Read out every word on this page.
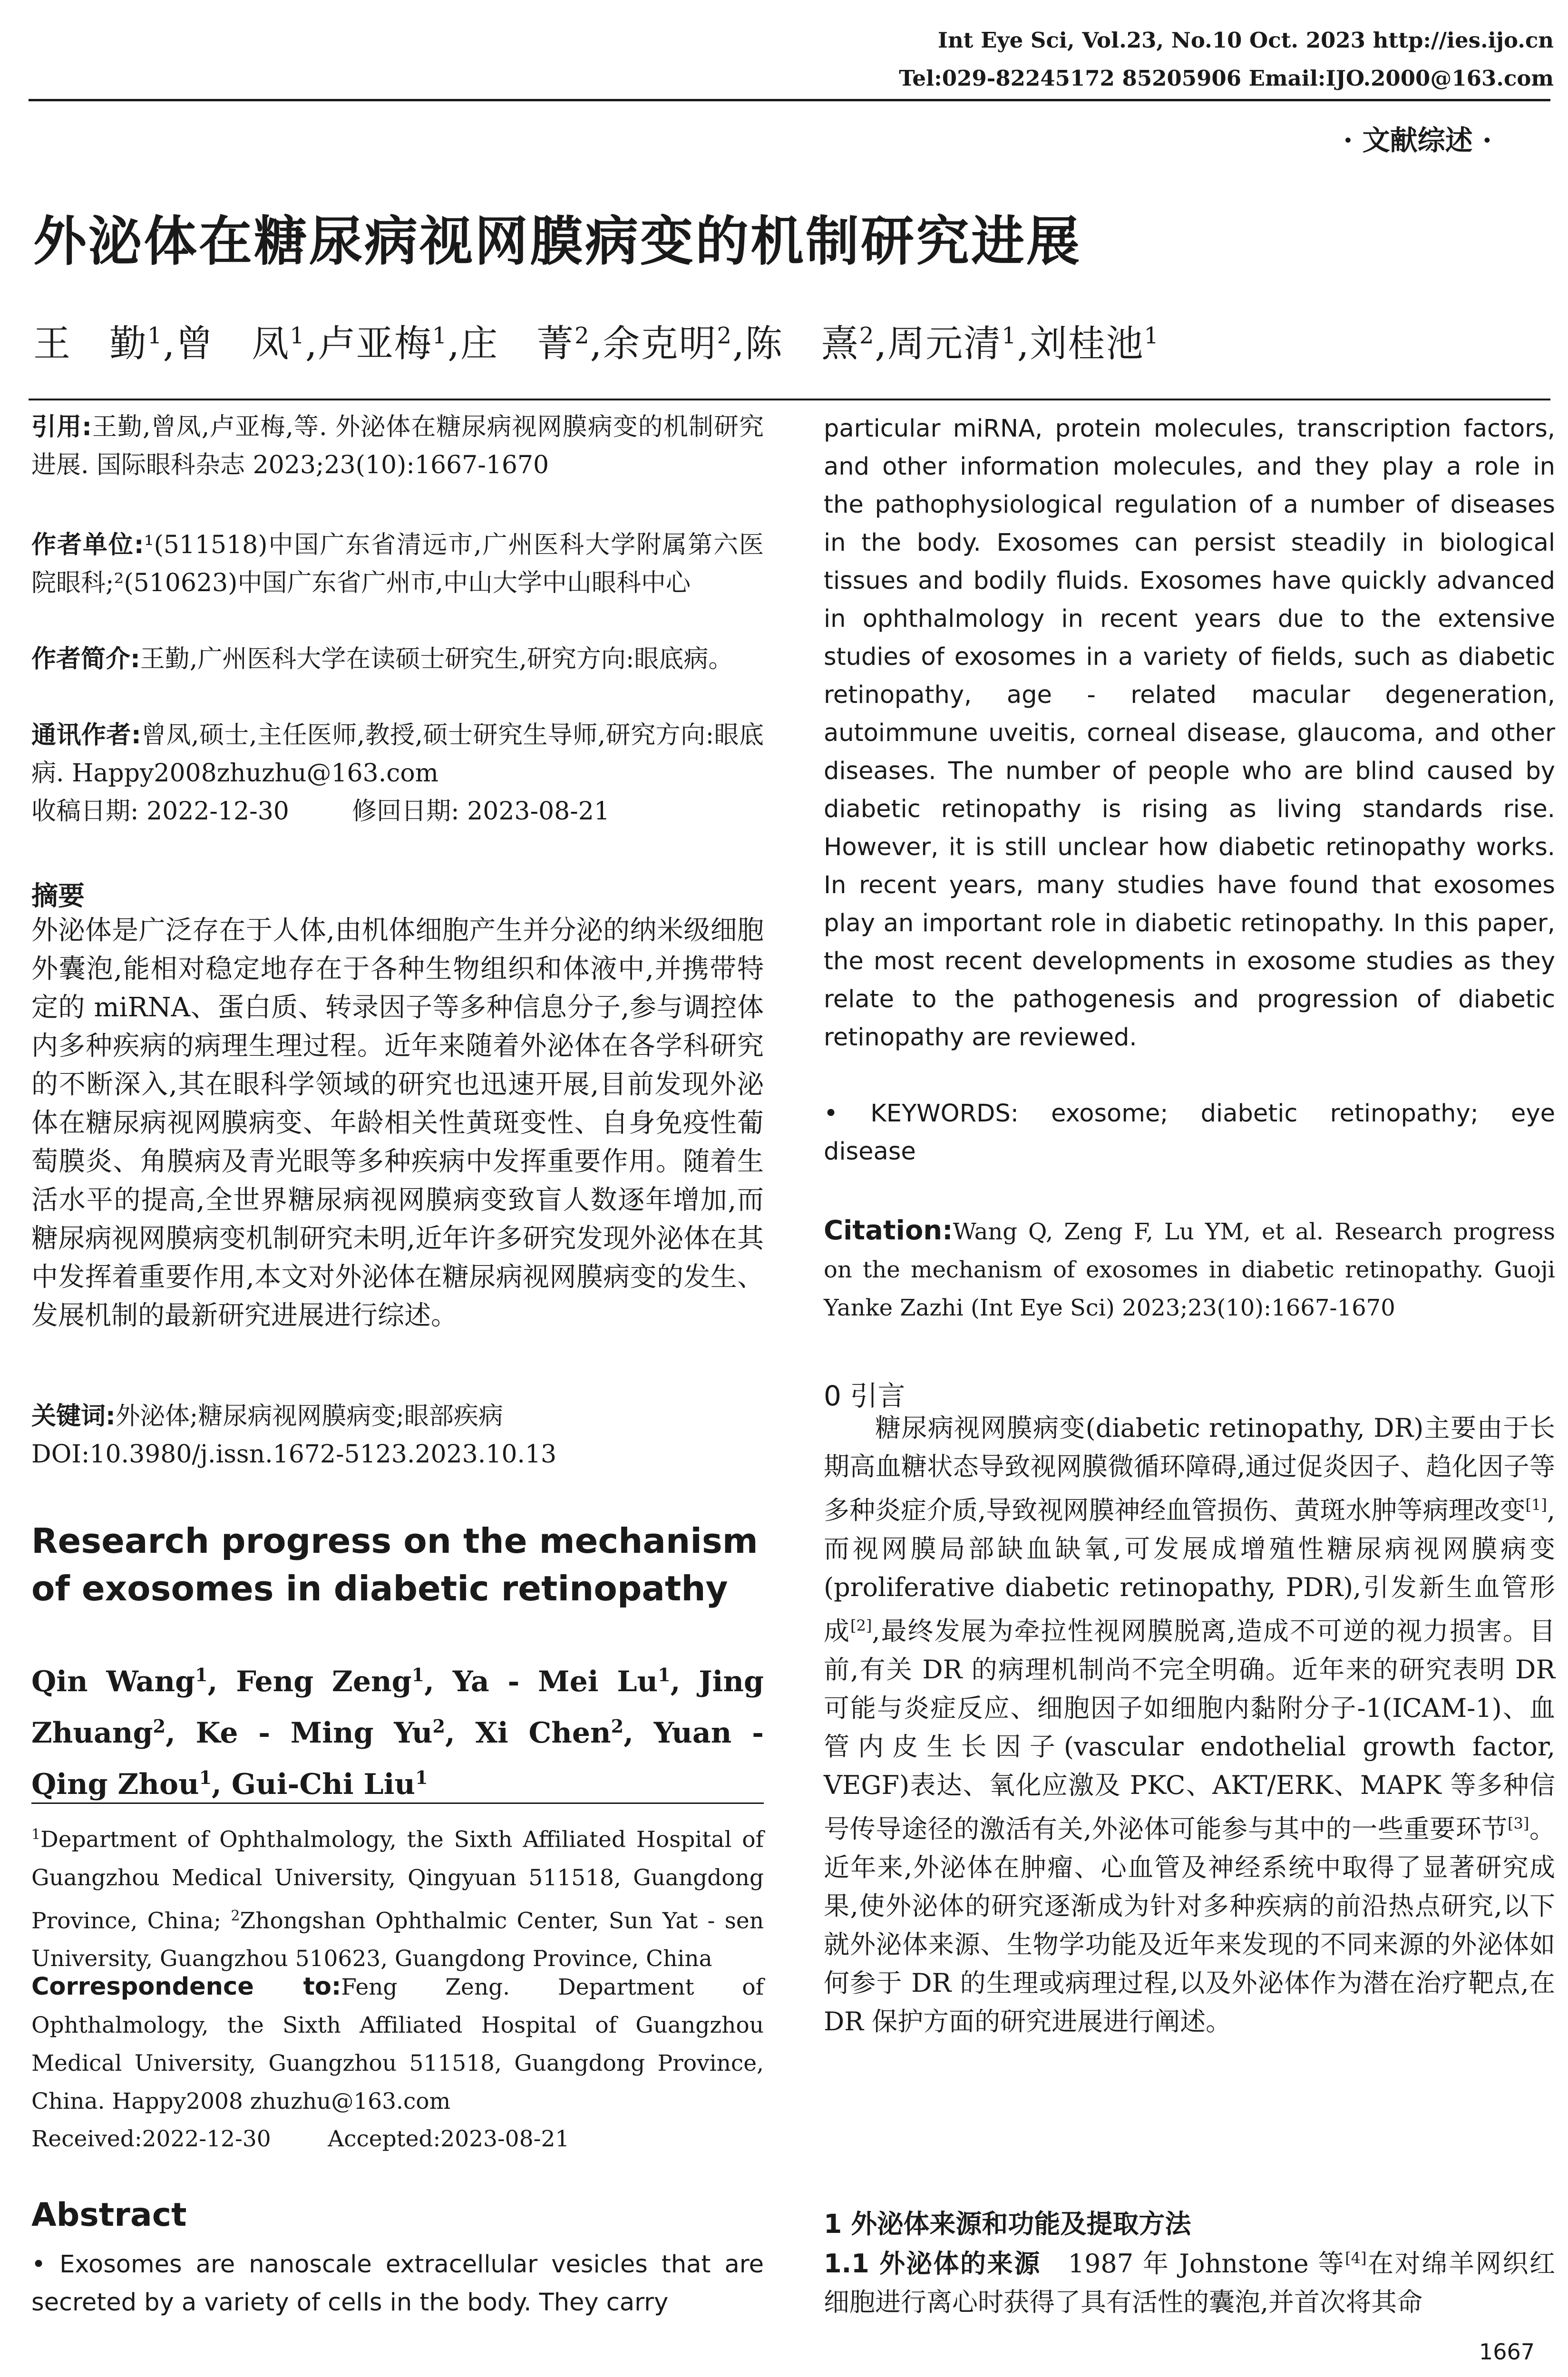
Int Eye Sci, Vol.23, No.10 Oct. 2023 http://ies.ijo.cn
Tel:029-82245172 85205906 Email:IJO.2000@163.com
· 文献综述 ·
外泌体在糖尿病视网膜病变的机制研究进展
王　勤$^1$,曾　凤$^1$,卢亚梅$^1$,庄　菁$^2$,余克明$^2$,陈　熹$^2$,周元清$^1$,刘桂池$^1$
引用:王勤,曾凤,卢亚梅,等. 外泌体在糖尿病视网膜病变的机制研究进展. 国际眼科杂志 2023;23(10):1667-1670
作者单位:¹(511518)中国广东省清远市,广州医科大学附属第六医院眼科;²(510623)中国广东省广州市,中山大学中山眼科中心
作者简介:王勤,广州医科大学在读硕士研究生,研究方向:眼底病。
通讯作者:曾凤,硕士,主任医师,教授,硕士研究生导师,研究方向:眼底病. Happy2008zhuzhu@163.com
收稿日期: 2022-12-30	修回日期: 2023-08-21
摘要
外泌体是广泛存在于人体,由机体细胞产生并分泌的纳米级细胞外囊泡,能相对稳定地存在于各种生物组织和体液中,并携带特定的 miRNA、蛋白质、转录因子等多种信息分子,参与调控体内多种疾病的病理生理过程。近年来随着外泌体在各学科研究的不断深入,其在眼科学领域的研究也迅速开展,目前发现外泌体在糖尿病视网膜病变、年龄相关性黄斑变性、自身免疫性葡萄膜炎、角膜病及青光眼等多种疾病中发挥重要作用。随着生活水平的提高,全世界糖尿病视网膜病变致盲人数逐年增加,而糖尿病视网膜病变机制研究未明,近年许多研究发现外泌体在其中发挥着重要作用,本文对外泌体在糖尿病视网膜病变的发生、发展机制的最新研究进展进行综述。
关键词:外泌体;糖尿病视网膜病变;眼部疾病
DOI:10.3980/j.issn.1672-5123.2023.10.13
Research progress on the mechanism of exosomes in diabetic retinopathy
Qin Wang$^1$, Feng Zeng$^1$, Ya - Mei Lu$^1$, Jing Zhuang$^2$, Ke - Ming Yu$^2$, Xi Chen$^2$, Yuan - Qing Zhou$^1$, Gui-Chi Liu$^1$
$^1$Department of Ophthalmology, the Sixth Affiliated Hospital of Guangzhou Medical University, Qingyuan 511518, Guangdong Province, China; $^2$Zhongshan Ophthalmic Center, Sun Yat - sen University, Guangzhou 510623, Guangdong Province, China
Correspondence to:Feng Zeng. Department of Ophthalmology, the Sixth Affiliated Hospital of Guangzhou Medical University, Guangzhou 511518, Guangdong Province, China. Happy2008 zhuzhu@163.com
Received:2022-12-30	Accepted:2023-08-21
Abstract
• Exosomes are nanoscale extracellular vesicles that are secreted by a variety of cells in the body. They carry
particular miRNA, protein molecules, transcription factors, and other information molecules, and they play a role in the pathophysiological regulation of a number of diseases in the body. Exosomes can persist steadily in biological tissues and bodily fluids. Exosomes have quickly advanced in ophthalmology in recent years due to the extensive studies of exosomes in a variety of fields, such as diabetic retinopathy, age - related macular degeneration, autoimmune uveitis, corneal disease, glaucoma, and other diseases. The number of people who are blind caused by diabetic retinopathy is rising as living standards rise. However, it is still unclear how diabetic retinopathy works. In recent years, many studies have found that exosomes play an important role in diabetic retinopathy. In this paper, the most recent developments in exosome studies as they relate to the pathogenesis and progression of diabetic retinopathy are reviewed.
• KEYWORDS: exosome; diabetic retinopathy; eye disease
Citation:Wang Q, Zeng F, Lu YM, et al. Research progress on the mechanism of exosomes in diabetic retinopathy. Guoji Yanke Zazhi (Int Eye Sci) 2023;23(10):1667-1670
0 引言
糖尿病视网膜病变(diabetic retinopathy, DR)主要由于长期高血糖状态导致视网膜微循环障碍,通过促炎因子、趋化因子等多种炎症介质,导致视网膜神经血管损伤、黄斑水肿等病理改变[1],而视网膜局部缺血缺氧,可发展成增殖性糖尿病视网膜病变(proliferative diabetic retinopathy, PDR),引发新生血管形成[2],最终发展为牵拉性视网膜脱离,造成不可逆的视力损害。目前,有关 DR 的病理机制尚不完全明确。近年来的研究表明 DR 可能与炎症反应、细胞因子如细胞内黏附分子-1(ICAM-1)、血管内皮生长因子(vascular endothelial growth factor, VEGF)表达、氧化应激及 PKC、AKT/ERK、MAPK 等多种信号传导途径的激活有关,外泌体可能参与其中的一些重要环节[3]。近年来,外泌体在肿瘤、心血管及神经系统中取得了显著研究成果,使外泌体的研究逐渐成为针对多种疾病的前沿热点研究,以下就外泌体来源、生物学功能及近年来发现的不同来源的外泌体如何参于 DR 的生理或病理过程,以及外泌体作为潜在治疗靶点,在 DR 保护方面的研究进展进行阐述。
1 外泌体来源和功能及提取方法
1.1 外泌体的来源　1987 年 Johnstone 等[4]在对绵羊网织红细胞进行离心时获得了具有活性的囊泡,并首次将其命
1667
